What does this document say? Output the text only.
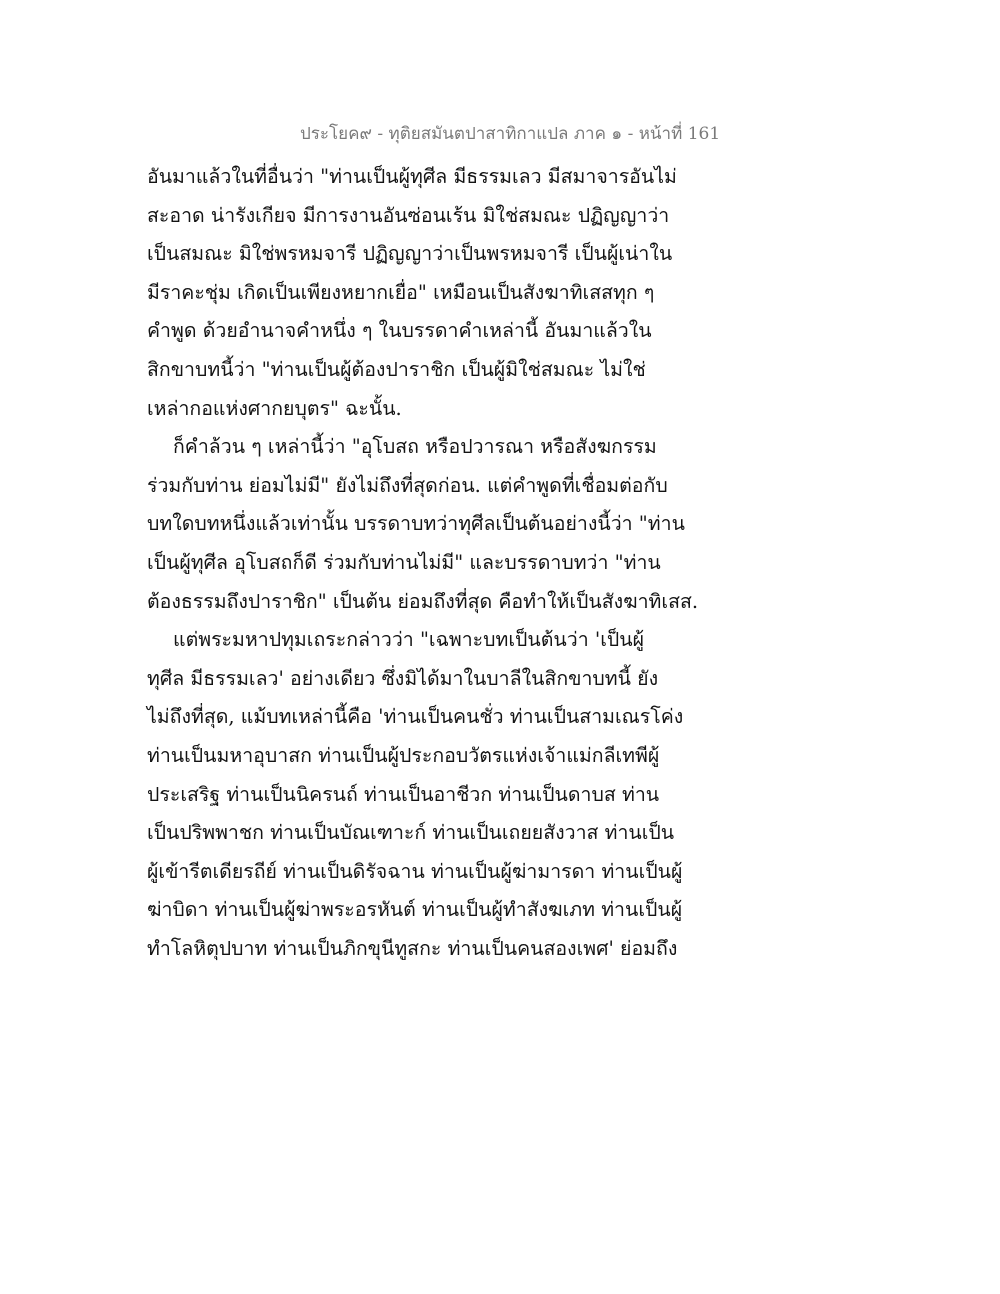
ประโยค๙ - ทุติยสมันตปาสาทิกาแปล ภาค ๑ - หน้าที่ 161
อันมาแล้วในที่อื่นว่า "ท่านเป็นผู้ทุศีล มีธรรมเลว มีสมาจารอันไม่
สะอาด น่ารังเกียจ มีการงานอันซ่อนเร้น มิใช่สมณะ ปฏิญญาว่า
เป็นสมณะ มิใช่พรหมจารี ปฏิญญาว่าเป็นพรหมจารี เป็นผู้เน่าใน
มีราคะชุ่ม เกิดเป็นเพียงหยากเยื่อ" เหมือนเป็นสังฆาทิเสสทุก ๆ
คำพูด ด้วยอำนาจคำหนึ่ง ๆ ในบรรดาคำเหล่านี้ อันมาแล้วใน
สิกขาบทนี้ว่า "ท่านเป็นผู้ต้องปาราชิก เป็นผู้มิใช่สมณะ ไม่ใช่
เหล่ากอแห่งศากยบุตร" ฉะนั้น.
ก็คำล้วน ๆ เหล่านี้ว่า "อุโบสถ หรือปวารณา หรือสังฆกรรม
ร่วมกับท่าน ย่อมไม่มี" ยังไม่ถึงที่สุดก่อน. แต่คำพูดที่เชื่อมต่อกับ
บทใดบทหนึ่งแล้วเท่านั้น บรรดาบทว่าทุศีลเป็นต้นอย่างนี้ว่า "ท่าน
เป็นผู้ทุศีล อุโบสถก็ดี ร่วมกับท่านไม่มี" และบรรดาบทว่า "ท่าน
ต้องธรรมถึงปาราชิก" เป็นต้น ย่อมถึงที่สุด คือทำให้เป็นสังฆาทิเสส.
แต่พระมหาปทุมเถระกล่าวว่า "เฉพาะบทเป็นต้นว่า 'เป็นผู้
ทุศีล มีธรรมเลว' อย่างเดียว ซึ่งมิได้มาในบาลีในสิกขาบทนี้ ยัง
ไม่ถึงที่สุด, แม้บทเหล่านี้คือ 'ท่านเป็นคนชั่ว ท่านเป็นสามเณรโค่ง
ท่านเป็นมหาอุบาสก ท่านเป็นผู้ประกอบวัตรแห่งเจ้าแม่กลีเทพีผู้
ประเสริฐ ท่านเป็นนิครนถ์ ท่านเป็นอาชีวก ท่านเป็นดาบส ท่าน
เป็นปริพพาชก ท่านเป็นบัณเฑาะก์ ท่านเป็นเถยยสังวาส ท่านเป็น
ผู้เข้ารีตเดียรถีย์ ท่านเป็นดิรัจฉาน ท่านเป็นผู้ฆ่ามารดา ท่านเป็นผู้
ฆ่าบิดา ท่านเป็นผู้ฆ่าพระอรหันต์ ท่านเป็นผู้ทำสังฆเภท ท่านเป็นผู้
ทำโลหิตุปบาท ท่านเป็นภิกขุนีทูสกะ ท่านเป็นคนสองเพศ' ย่อมถึง
